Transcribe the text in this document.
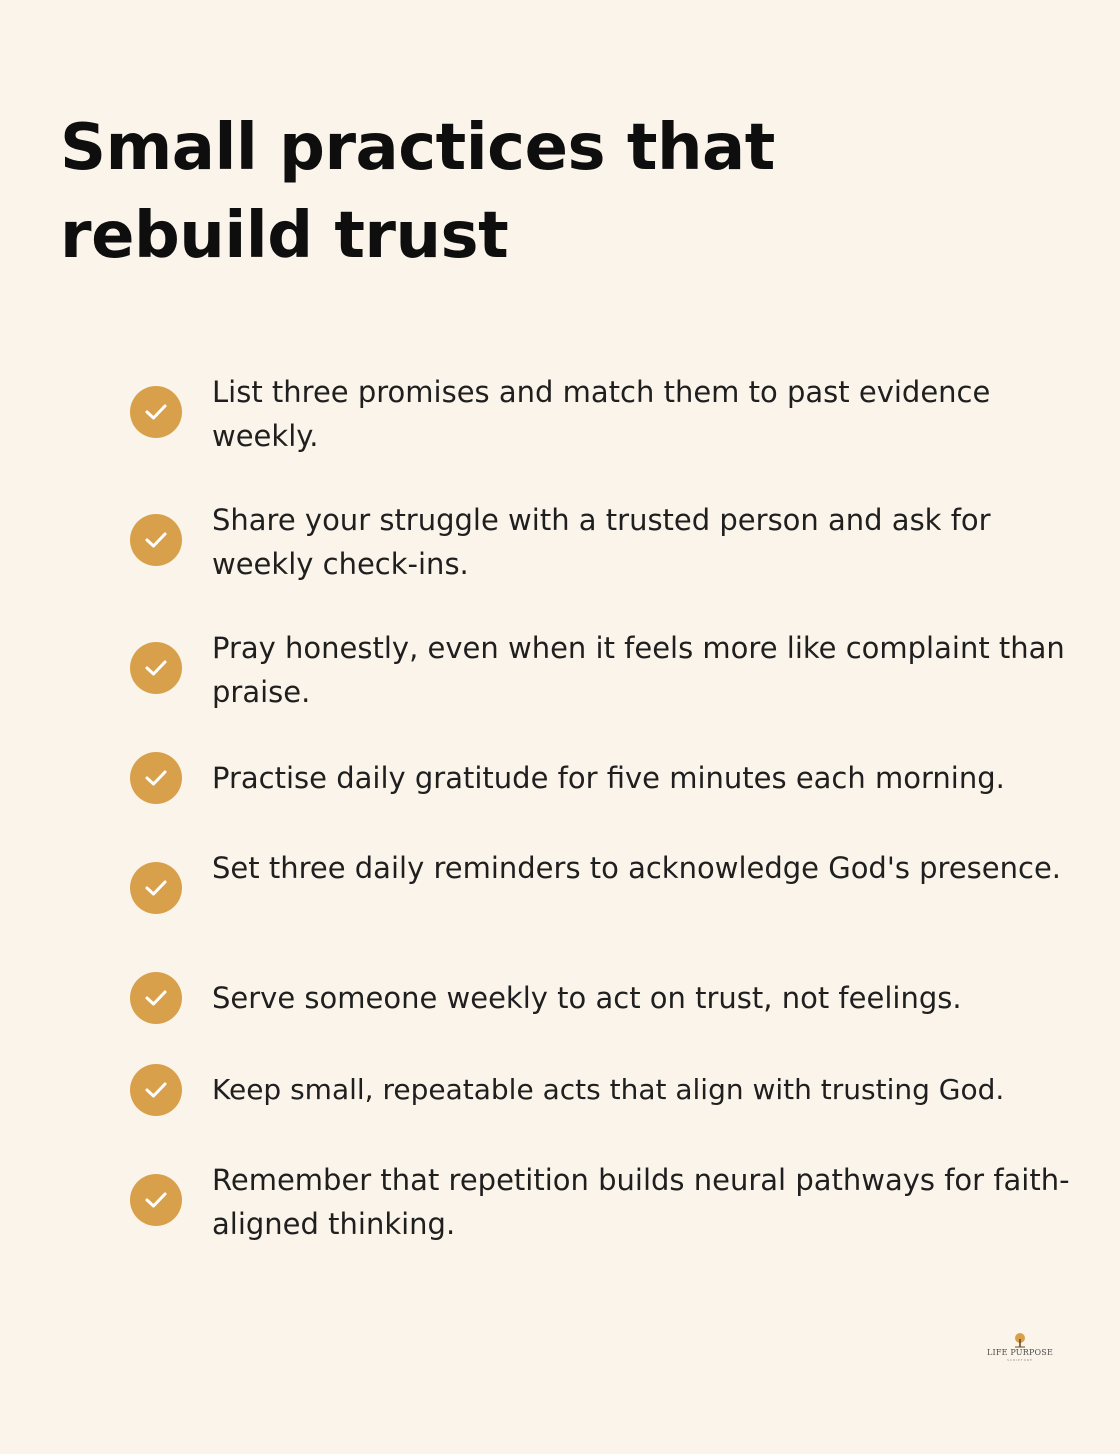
Small practices that rebuild trust
List three promises and match them to past evidence weekly.
Share your struggle with a trusted person and ask for weekly check-ins.
Pray honestly, even when it feels more like complaint than praise.
Practise daily gratitude for five minutes each morning.
Set three daily reminders to acknowledge God's presence.
Serve someone weekly to act on trust, not feelings.
Keep small, repeatable acts that align with trusting God.
Remember that repetition builds neural pathways for faith-aligned thinking.
LIFE PURPOSE
SCRIPTURE
